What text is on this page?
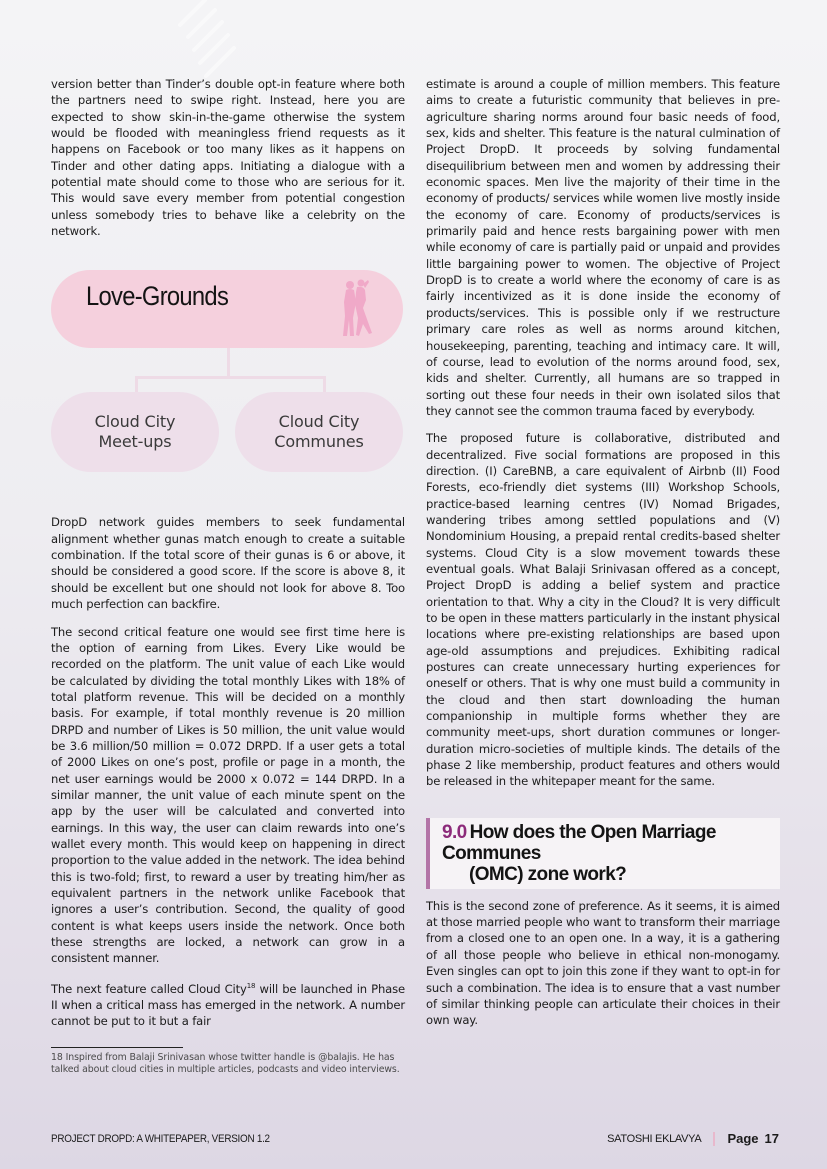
version better than Tinder’s double opt-in feature where both the partners need to swipe right. Instead, here you are expected to show skin-in-the-game otherwise the system would be flooded with meaningless friend requests as it happens on Facebook or too many likes as it happens on Tinder and other dating apps. Initiating a dialogue with a potential mate should come to those who are serious for it. This would save every member from potential congestion unless somebody tries to behave like a celebrity on the network.

Love-Grounds
Cloud City
Meet-ups
Cloud City
Communes

DropD network guides members to seek fundamental alignment whether gunas match enough to create a suitable combination. If the total score of their gunas is 6 or above, it should be considered a good score. If the score is above 8, it should be excellent but one should not look for above 8. Too much perfection can backfire.

The second critical feature one would see first time here is the option of earning from Likes. Every Like would be recorded on the platform. The unit value of each Like would be calculated by dividing the total monthly Likes with 18% of total platform revenue. This will be decided on a monthly basis. For example, if total monthly revenue is 20 million DRPD and number of Likes is 50 million, the unit value would be 3.6 million/50 million = 0.072 DRPD. If a user gets a total of 2000 Likes on one’s post, profile or page in a month, the net user earnings would be 2000 x 0.072 = 144 DRPD. In a similar manner, the unit value of each minute spent on the app by the user will be calculated and converted into earnings. In this way, the user can claim rewards into one’s wallet every month. This would keep on happening in direct proportion to the value added in the network. The idea behind this is two-fold; first, to reward a user by treating him/her as equivalent partners in the network unlike Facebook that ignores a user’s contribution. Second, the quality of good content is what keeps users inside the network. Once both these strengths are locked, a network can grow in a consistent manner.

The next feature called Cloud City$^{18}$ will be launched in Phase II when a critical mass has emerged in the network. A number cannot be put to it but a fair

18 Inspired from Balaji Srinivasan whose twitter handle is @balajis. He has talked about cloud cities in multiple articles, podcasts and video interviews.

estimate is around a couple of million members. This feature aims to create a futuristic community that believes in pre-agriculture sharing norms around four basic needs of food, sex, kids and shelter. This feature is the natural culmination of Project DropD. It proceeds by solving fundamental disequilibrium between men and women by addressing their economic spaces. Men live the majority of their time in the economy of products/ services while women live mostly inside the economy of care. Economy of products/services is primarily paid and hence rests bargaining power with men while economy of care is partially paid or unpaid and provides little bargaining power to women. The objective of Project DropD is to create a world where the economy of care is as fairly incentivized as it is done inside the economy of products/services. This is possible only if we restructure primary care roles as well as norms around kitchen, housekeeping, parenting, teaching and intimacy care. It will, of course, lead to evolution of the norms around food, sex, kids and shelter. Currently, all humans are so trapped in sorting out these four needs in their own isolated silos that they cannot see the common trauma faced by everybody.

The proposed future is collaborative, distributed and decentralized. Five social formations are proposed in this direction. (I) CareBNB, a care equivalent of Airbnb (II) Food Forests, eco-friendly diet systems (III) Workshop Schools, practice-based learning centres (IV) Nomad Brigades, wandering tribes among settled populations and (V) Nondominium Housing, a prepaid rental credits-based shelter systems. Cloud City is a slow movement towards these eventual goals. What Balaji Srinivasan offered as a concept, Project DropD is adding a belief system and practice orientation to that. Why a city in the Cloud? It is very difficult to be open in these matters particularly in the instant physical locations where pre-existing relationships are based upon age-old assumptions and prejudices. Exhibiting radical postures can create unnecessary hurting experiences for oneself or others. That is why one must build a community in the cloud and then start downloading the human companionship in multiple forms whether they are community meet-ups, short duration communes or longer-duration micro-societies of multiple kinds. The details of the phase 2 like membership, product features and others would be released in the whitepaper meant for the same.

9.0 How does the Open Marriage Communes
(OMC) zone work?

This is the second zone of preference. As it seems, it is aimed at those married people who want to transform their marriage from a closed one to an open one. In a way, it is a gathering of all those people who believe in ethical non-monogamy. Even singles can opt to join this zone if they want to opt-in for such a combination. The idea is to ensure that a vast number of similar thinking people can articulate their choices in their own way.

PROJECT DROPD: A WHITEPAPER, VERSION 1.2	SATOSHI EKLAVYA Page 17
